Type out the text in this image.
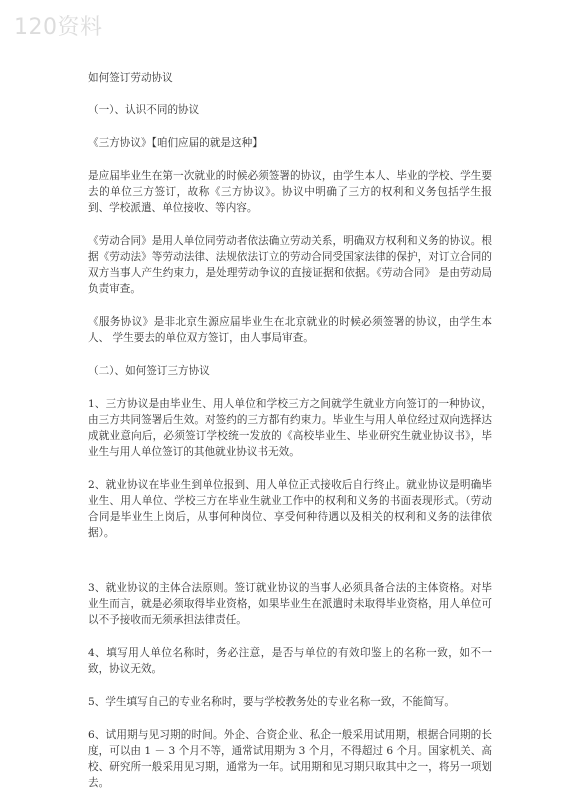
120资料

如何签订劳动协议

（一）、认识不同的协议

《三方协议》【咱们应届的就是这种】

是应届毕业生在第一次就业的时候必须签署的协议，由学生本人、毕业的学校、学生要去的单位三方签订，故称《三方协议》。协议中明确了三方的权利和义务包括学生报到、学校派遣、单位接收、等内容。

《劳动合同》是用人单位同劳动者依法确立劳动关系，明确双方权利和义务的协议。根据《劳动法》等劳动法律、法规依法订立的劳动合同受国家法律的保护，对订立合同的双方当事人产生约束力，是处理劳动争议的直接证据和依据。《劳动合同》 是由劳动局负责审查。

《服务协议》是非北京生源应届毕业生在北京就业的时候必须签署的协议，由学生本人、 学生要去的单位双方签订，由人事局审查。

（二）、如何签订三方协议

1、三方协议是由毕业生、用人单位和学校三方之间就学生就业方向签订的一种协议，由三方共同签署后生效。对签约的三方都有约束力。毕业生与用人单位经过双向选择达成就业意向后，必须签订学校统一发放的《高校毕业生、毕业研究生就业协议书》，毕业生与用人单位签订的其他就业协议书无效。

2、就业协议在毕业生到单位报到、用人单位正式接收后自行终止。就业协议是明确毕业生、用人单位、学校三方在毕业生就业工作中的权利和义务的书面表现形式。（劳动合同是毕业生上岗后，从事何种岗位、享受何种待遇以及相关的权利和义务的法律依据）。

3、就业协议的主体合法原则。签订就业协议的当事人必须具备合法的主体资格。对毕业生而言，就是必须取得毕业资格，如果毕业生在派遣时未取得毕业资格，用人单位可以不予接收而无须承担法律责任。

4、填写用人单位名称时，务必注意，是否与单位的有效印鉴上的名称一致，如不一致，协议无效。

5、学生填写自己的专业名称时，要与学校教务处的专业名称一致，不能简写。

6、试用期与见习期的时间。外企、合资企业、私企一般采用试用期，根据合同期的长度，可以由 1 － 3 个月不等，通常试用期为 3 个月，不得超过 6 个月。国家机关、高校、研究所一般采用见习期，通常为一年。试用期和见习期只取其中之一，将另一项划去。
